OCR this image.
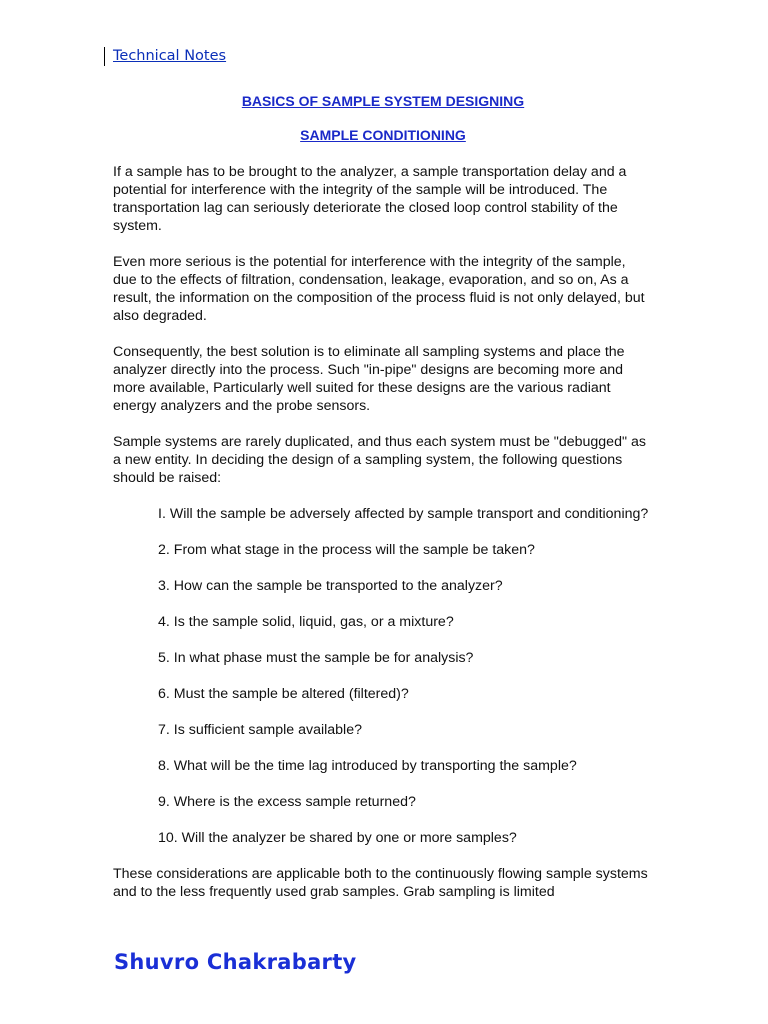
Technical Notes

BASICS OF SAMPLE SYSTEM DESIGNING

SAMPLE CONDITIONING

If a sample has to be brought to the analyzer, a sample transportation delay and a potential for interference with the integrity of the sample will be introduced. The transportation lag can seriously deteriorate the closed loop control stability of the system.

Even more serious is the potential for interference with the integrity of the sample, due to the effects of filtration, condensation, leakage, evaporation, and so on, As a result, the information on the composition of the process fluid is not only delayed, but also degraded.

Consequently, the best solution is to eliminate all sampling systems and place the analyzer directly into the process. Such "in-pipe" designs are becoming more and more available, Particularly well suited for these designs are the various radiant energy analyzers and the probe sensors.

Sample systems are rarely duplicated, and thus each system must be "debugged" as a new entity. In deciding the design of a sampling system, the following questions should be raised:

I. Will the sample be adversely affected by sample transport and conditioning?
2. From what stage in the process will the sample be taken?
3. How can the sample be transported to the analyzer?
4. Is the sample solid, liquid, gas, or a mixture?
5. In what phase must the sample be for analysis?
6. Must the sample be altered (filtered)?
7. Is sufficient sample available?
8. What will be the time lag introduced by transporting the sample?
9. Where is the excess sample returned?
10. Will the analyzer be shared by one or more samples?

These considerations are applicable both to the continuously flowing sample systems and to the less frequently used grab samples. Grab sampling is limited

Shuvro Chakrabarty
